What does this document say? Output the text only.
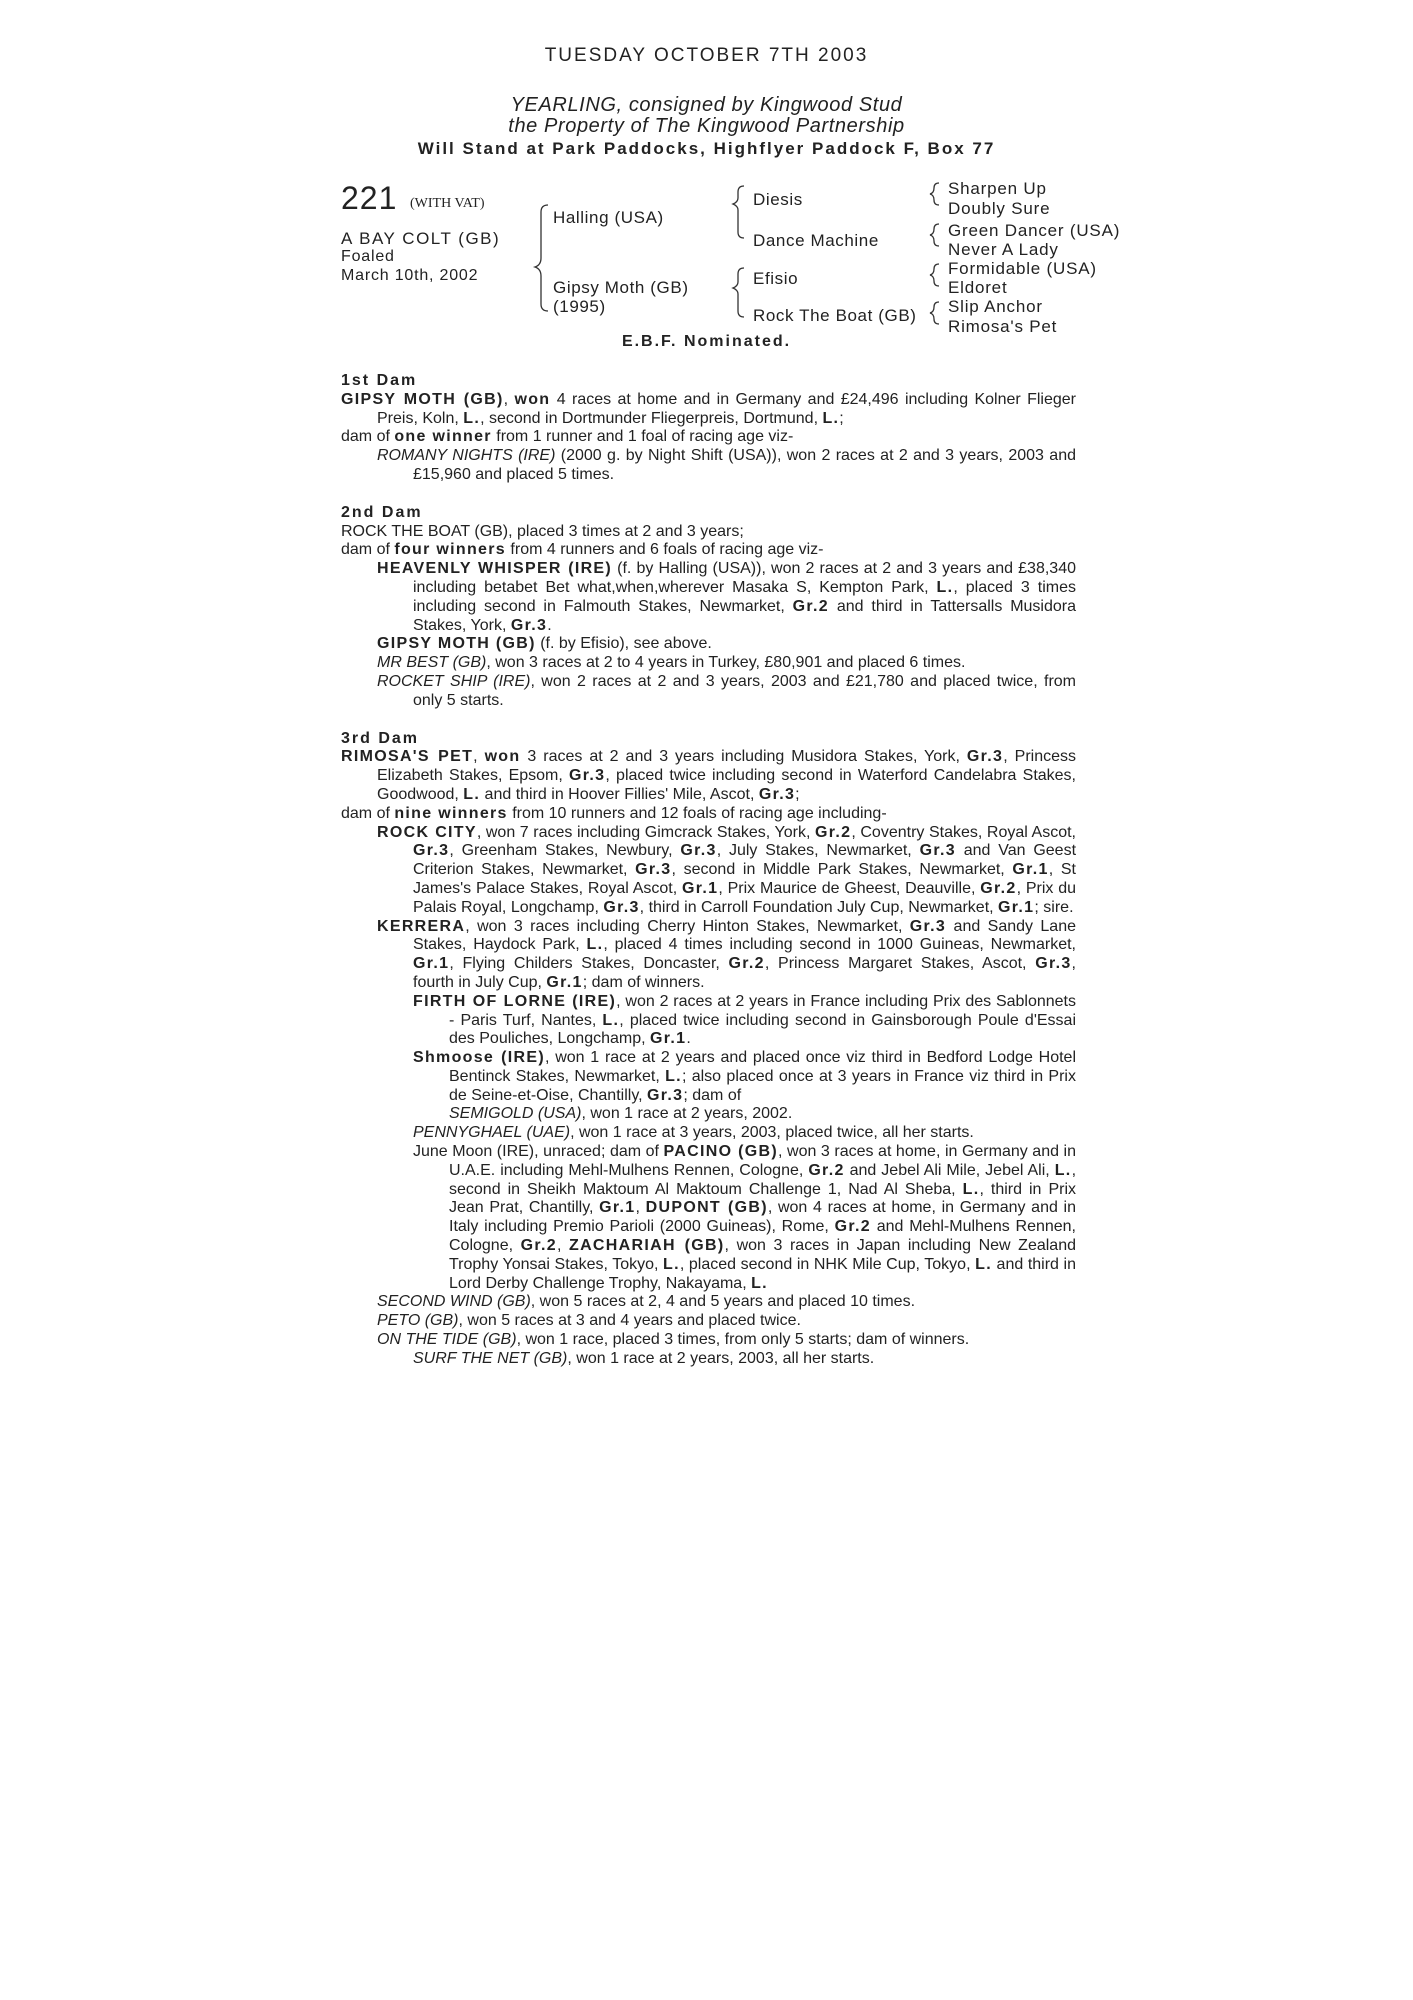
TUESDAY OCTOBER 7TH 2003
YEARLING, consigned by Kingwood Stud
the Property of The Kingwood Partnership
Will Stand at Park Paddocks, Highflyer Paddock F, Box 77
221 (WITH VAT)
A BAY COLT (GB)
Foaled
March 10th, 2002
Halling (USA)
Gipsy Moth (GB)
(1995)
Diesis
Dance Machine
Efisio
Rock The Boat (GB)
Sharpen Up
Doubly Sure
Green Dancer (USA)
Never A Lady
Formidable (USA)
Eldoret
Slip Anchor
Rimosa's Pet
E.B.F. Nominated.
1st Dam

GIPSY MOTH (GB), won 4 races at home and in Germany and £24,496 including Kolner Flieger Preis, Koln, L., second in Dortmunder Fliegerpreis, Dortmund, L.;

dam of one winner from 1 runner and 1 foal of racing age viz-

ROMANY NIGHTS (IRE) (2000 g. by Night Shift (USA)), won 2 races at 2 and 3 years, 2003 and £15,960 and placed 5 times.

2nd Dam

ROCK THE BOAT (GB), placed 3 times at 2 and 3 years;

dam of four winners from 4 runners and 6 foals of racing age viz-

HEAVENLY WHISPER (IRE) (f. by Halling (USA)), won 2 races at 2 and 3 years and £38,340 including betabet Bet what,when,wherever Masaka S, Kempton Park, L., placed 3 times including second in Falmouth Stakes, Newmarket, Gr.2 and third in Tattersalls Musidora Stakes, York, Gr.3.

GIPSY MOTH (GB) (f. by Efisio), see above.

MR BEST (GB), won 3 races at 2 to 4 years in Turkey, £80,901 and placed 6 times.

ROCKET SHIP (IRE), won 2 races at 2 and 3 years, 2003 and £21,780 and placed twice, from only 5 starts.

3rd Dam

RIMOSA'S PET, won 3 races at 2 and 3 years including Musidora Stakes, York, Gr.3, Princess Elizabeth Stakes, Epsom, Gr.3, placed twice including second in Waterford Candelabra Stakes, Goodwood, L. and third in Hoover Fillies' Mile, Ascot, Gr.3;

dam of nine winners from 10 runners and 12 foals of racing age including-

ROCK CITY, won 7 races including Gimcrack Stakes, York, Gr.2, Coventry Stakes, Royal Ascot, Gr.3, Greenham Stakes, Newbury, Gr.3, July Stakes, Newmarket, Gr.3 and Van Geest Criterion Stakes, Newmarket, Gr.3, second in Middle Park Stakes, Newmarket, Gr.1, St James's Palace Stakes, Royal Ascot, Gr.1, Prix Maurice de Gheest, Deauville, Gr.2, Prix du Palais Royal, Longchamp, Gr.3, third in Carroll Foundation July Cup, Newmarket, Gr.1; sire.

KERRERA, won 3 races including Cherry Hinton Stakes, Newmarket, Gr.3 and Sandy Lane Stakes, Haydock Park, L., placed 4 times including second in 1000 Guineas, Newmarket, Gr.1, Flying Childers Stakes, Doncaster, Gr.2, Princess Margaret Stakes, Ascot, Gr.3, fourth in July Cup, Gr.1; dam of winners.

FIRTH OF LORNE (IRE), won 2 races at 2 years in France including Prix des Sablonnets - Paris Turf, Nantes, L., placed twice including second in Gainsborough Poule d'Essai des Pouliches, Longchamp, Gr.1.

Shmoose (IRE), won 1 race at 2 years and placed once viz third in Bedford Lodge Hotel Bentinck Stakes, Newmarket, L.; also placed once at 3 years in France viz third in Prix de Seine-et-Oise, Chantilly, Gr.3; dam of

SEMIGOLD (USA), won 1 race at 2 years, 2002.

PENNYGHAEL (UAE), won 1 race at 3 years, 2003, placed twice, all her starts.

June Moon (IRE), unraced; dam of PACINO (GB), won 3 races at home, in Germany and in U.A.E. including Mehl-Mulhens Rennen, Cologne, Gr.2 and Jebel Ali Mile, Jebel Ali, L., second in Sheikh Maktoum Al Maktoum Challenge 1, Nad Al Sheba, L., third in Prix Jean Prat, Chantilly, Gr.1, DUPONT (GB), won 4 races at home, in Germany and in Italy including Premio Parioli (2000 Guineas), Rome, Gr.2 and Mehl-Mulhens Rennen, Cologne, Gr.2, ZACHARIAH (GB), won 3 races in Japan including New Zealand Trophy Yonsai Stakes, Tokyo, L., placed second in NHK Mile Cup, Tokyo, L. and third in Lord Derby Challenge Trophy, Nakayama, L.

SECOND WIND (GB), won 5 races at 2, 4 and 5 years and placed 10 times.

PETO (GB), won 5 races at 3 and 4 years and placed twice.

ON THE TIDE (GB), won 1 race, placed 3 times, from only 5 starts; dam of winners.

SURF THE NET (GB), won 1 race at 2 years, 2003, all her starts.
